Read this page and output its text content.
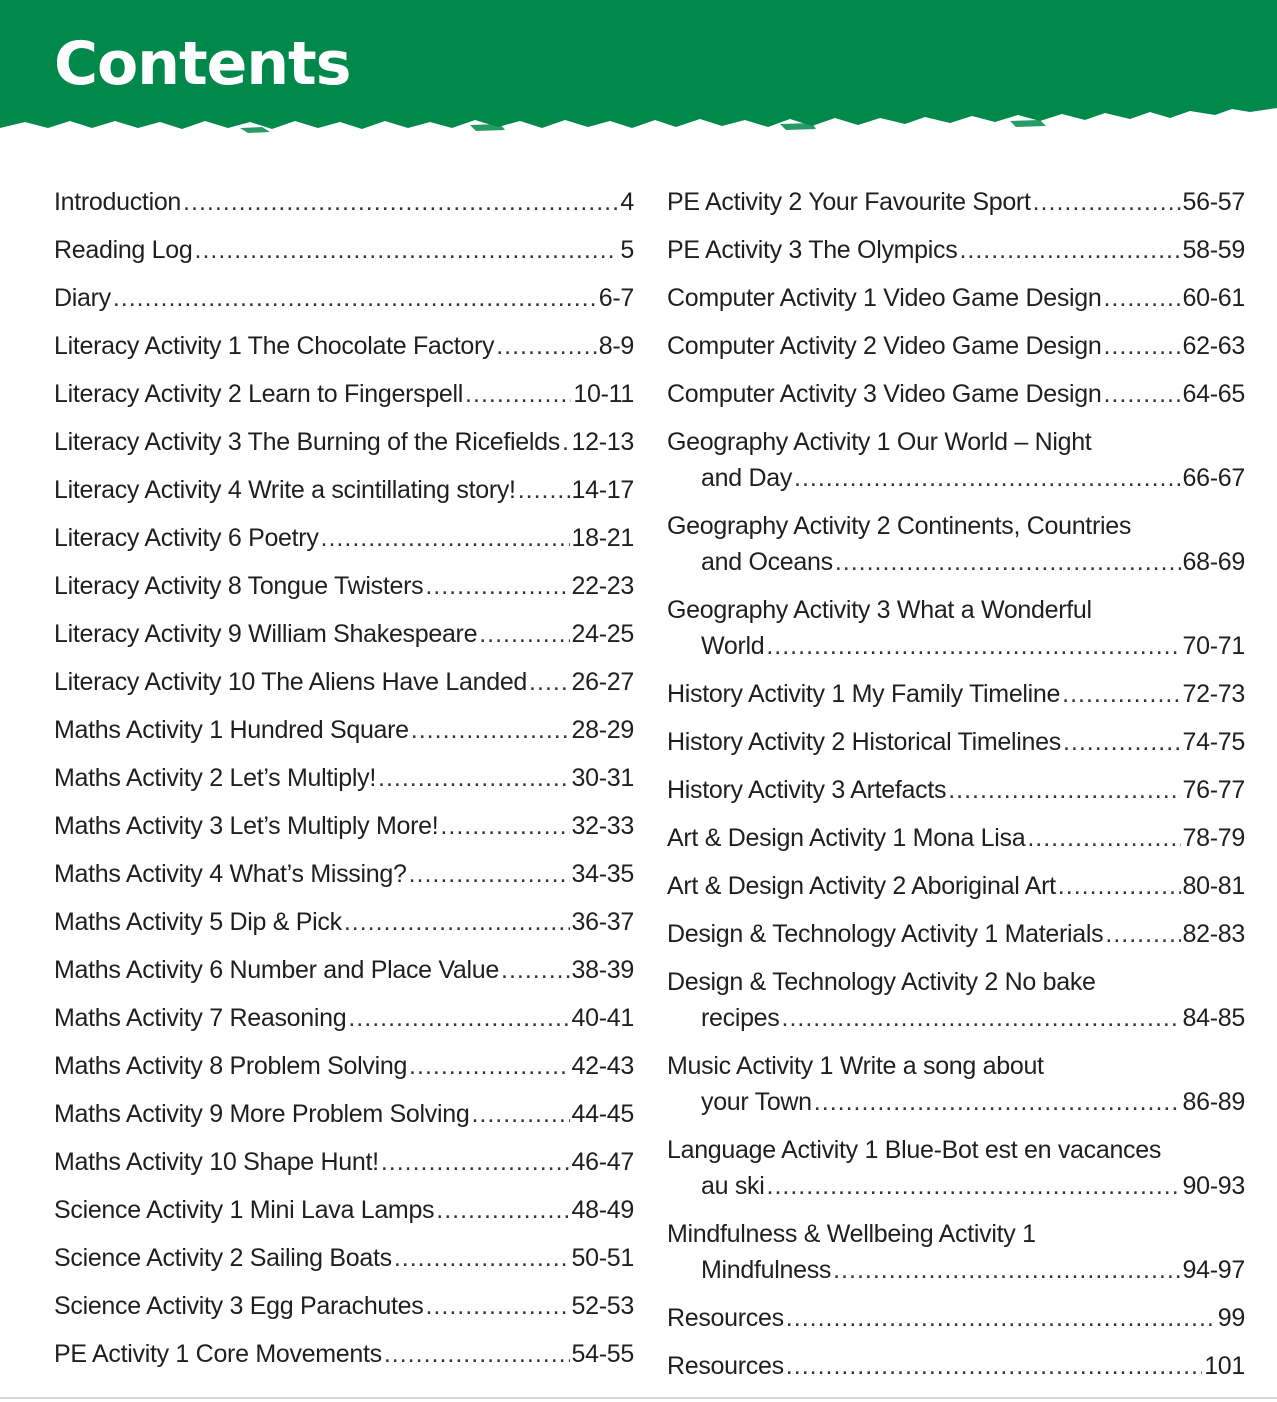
Contents
Introduction .....	4
Reading Log .....	5
Diary .....	6-7
Literacy Activity 1 The Chocolate Factory .....	8-9
Literacy Activity 2 Learn to Fingerspell .....	10-11
Literacy Activity 3 The Burning of the Ricefields ..... 12-13
Literacy Activity 4 Write a scintillating story! ..... 14-17
Literacy Activity 6 Poetry .....	18-21
Literacy Activity 8 Tongue Twisters .....	22-23
Literacy Activity 9 William Shakespeare .....	24-25
Literacy Activity 10 The Aliens Have Landed ..... 26-27
Maths Activity 1 Hundred Square .....	28-29
Maths Activity 2 Let’s Multiply! .....	30-31
Maths Activity 3 Let’s Multiply More! .....	32-33
Maths Activity 4 What’s Missing? .....	34-35
Maths Activity 5 Dip & Pick .....	36-37
Maths Activity 6 Number and Place Value .....	38-39
Maths Activity 7 Reasoning .....	40-41
Maths Activity 8 Problem Solving .....	42-43
Maths Activity 9 More Problem Solving .....	44-45
Maths Activity 10 Shape Hunt! .....	46-47
Science Activity 1 Mini Lava Lamps .....	48-49
Science Activity 2 Sailing Boats .....	50-51
Science Activity 3 Egg Parachutes .....	52-53
PE Activity 1 Core Movements .....	54-55
PE Activity 2 Your Favourite Sport .....	56-57
PE Activity 3 The Olympics .....	58-59
Computer Activity 1 Video Game Design .....	60-61
Computer Activity 2 Video Game Design .....	62-63
Computer Activity 3 Video Game Design .....	64-65
Geography Activity 1 Our World – Night
and Day .....	66-67
Geography Activity 2 Continents, Countries
and Oceans .....	68-69
Geography Activity 3 What a Wonderful
World .....	70-71
History Activity 1 My Family Timeline .....	72-73
History Activity 2 Historical Timelines .....	74-75
History Activity 3 Artefacts .....	76-77
Art & Design Activity 1 Mona Lisa .....	78-79
Art & Design Activity 2 Aboriginal Art .....	80-81
Design & Technology Activity 1 Materials .....	82-83
Design & Technology Activity 2 No bake
recipes .....	84-85
Music Activity 1 Write a song about
your Town .....	86-89
Language Activity 1 Blue-Bot est en vacances
au ski .....	90-93
Mindfulness & Wellbeing Activity 1
Mindfulness .....	94-97
Resources .....	99
Resources .....	101
